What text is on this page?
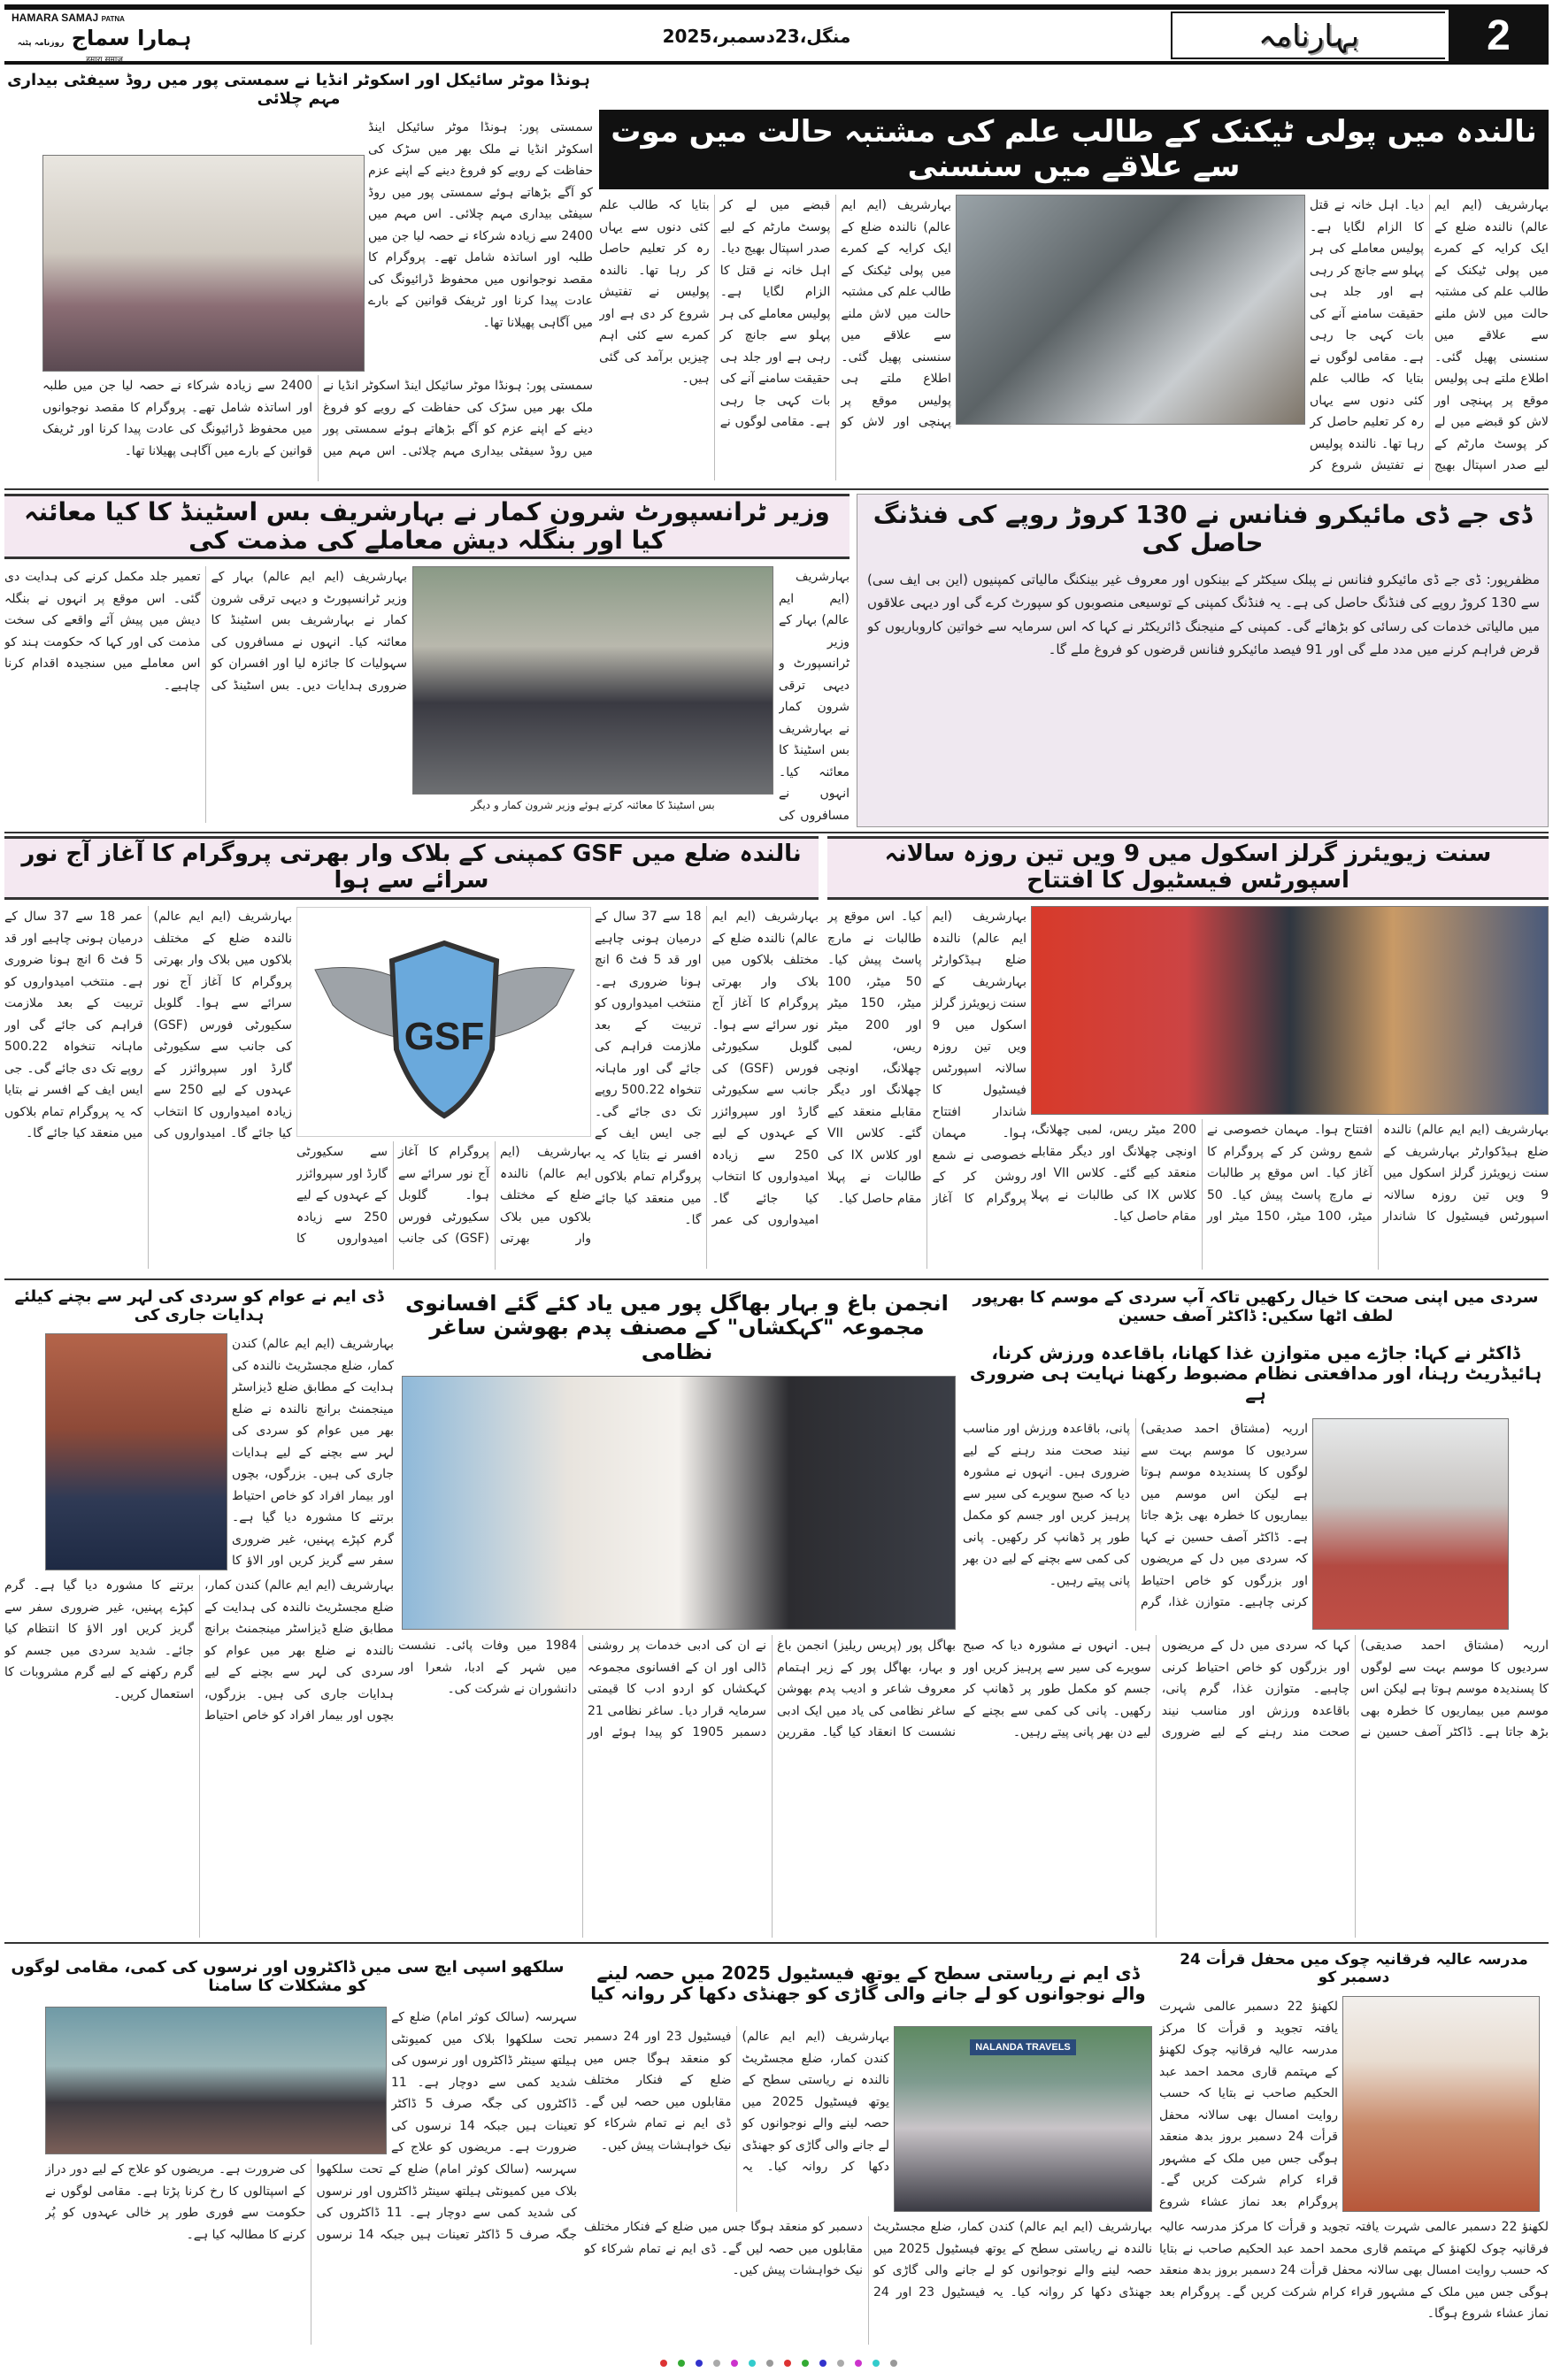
HAMARA SAMAJ PATNA
ہمارا سماج روزنامہ پٹنہ
हमारा समाज
منگل،23دسمبر،2025	بہارنامہ	2
نالندہ میں پولی ٹیکنک کے طالب علم کی مشتبہ حالت میں موت سے علاقے میں سنسنی
بہارشریف (ایم ایم عالم) نالندہ ضلع کے ایک کرایہ کے کمرے میں پولی ٹیکنک کے طالب علم کی مشتبہ حالت میں لاش ملنے سے علاقے میں سنسنی پھیل گئی۔ اطلاع ملتے ہی پولیس موقع پر پہنچی اور لاش کو قبضے میں لے کر پوسٹ مارٹم کے لیے صدر اسپتال بھیج دیا۔ اہل خانہ نے قتل کا الزام لگایا ہے۔ پولیس معاملے کی ہر پہلو سے جانچ کر رہی ہے اور جلد ہی حقیقت سامنے آنے کی بات کہی جا رہی ہے۔ مقامی لوگوں نے بتایا کہ طالب علم کئی دنوں سے یہاں رہ کر تعلیم حاصل کر رہا تھا۔ نالندہ پولیس نے تفتیش شروع کر
بہارشریف (ایم ایم عالم) نالندہ ضلع کے ایک کرایہ کے کمرے میں پولی ٹیکنک کے طالب علم کی مشتبہ حالت میں لاش ملنے سے علاقے میں سنسنی پھیل گئی۔ اطلاع ملتے ہی پولیس موقع پر پہنچی اور لاش کو قبضے میں لے کر پوسٹ مارٹم کے لیے صدر اسپتال بھیج دیا۔ اہل خانہ نے قتل کا الزام لگایا ہے۔ پولیس معاملے کی ہر پہلو سے جانچ کر رہی ہے اور جلد ہی حقیقت سامنے آنے کی بات کہی جا رہی ہے۔ مقامی لوگوں نے بتایا کہ طالب علم کئی دنوں سے یہاں رہ کر تعلیم حاصل کر رہا تھا۔ نالندہ پولیس نے تفتیش شروع کر دی ہے اور کمرے سے کئی اہم چیزیں برآمد کی گئی ہیں۔
ہونڈا موٹر سائیکل اور اسکوٹر انڈیا نے سمستی پور میں روڈ سیفٹی بیداری مہم چلائی
سمستی پور: ہونڈا موٹر سائیکل اینڈ اسکوٹر انڈیا نے ملک بھر میں سڑک کی حفاظت کے رویے کو فروغ دینے کے اپنے عزم کو آگے بڑھاتے ہوئے سمستی پور میں روڈ سیفٹی بیداری مہم چلائی۔ اس مہم میں 2400 سے زیادہ شرکاء نے حصہ لیا جن میں طلبہ اور اساتذہ شامل تھے۔ پروگرام کا مقصد نوجوانوں میں محفوظ ڈرائیونگ کی عادت پیدا کرنا اور ٹریفک قوانین کے بارے میں آگاہی پھیلانا تھا۔
سمستی پور: ہونڈا موٹر سائیکل اینڈ اسکوٹر انڈیا نے ملک بھر میں سڑک کی حفاظت کے رویے کو فروغ دینے کے اپنے عزم کو آگے بڑھاتے ہوئے سمستی پور میں روڈ سیفٹی بیداری مہم چلائی۔ اس مہم میں 2400 سے زیادہ شرکاء نے حصہ لیا جن میں طلبہ اور اساتذہ شامل تھے۔ پروگرام کا مقصد نوجوانوں میں محفوظ ڈرائیونگ کی عادت پیدا کرنا اور ٹریفک قوانین کے بارے میں آگاہی پھیلانا تھا۔
وزیر ٹرانسپورٹ شرون کمار نے بہارشریف بس اسٹینڈ کا کیا معائنہ کیا اور بنگلہ دیش معاملے کی مذمت کی
بس اسٹینڈ کا معائنہ کرتے ہوئے وزیر شرون کمار و دیگر
بہارشریف (ایم ایم عالم) بہار کے وزیر ٹرانسپورٹ و دیہی ترقی شرون کمار نے بہارشریف بس اسٹینڈ کا معائنہ کیا۔ انہوں نے مسافروں کی
بہارشریف (ایم ایم عالم) بہار کے وزیر ٹرانسپورٹ و دیہی ترقی شرون کمار نے بہارشریف بس اسٹینڈ کا معائنہ کیا۔ انہوں نے مسافروں کی سہولیات کا جائزہ لیا اور افسران کو ضروری ہدایات دیں۔ بس اسٹینڈ کی تعمیر جلد مکمل کرنے کی ہدایت دی گئی۔ اس موقع پر انہوں نے بنگلہ دیش میں پیش آئے واقعے کی سخت مذمت کی اور کہا کہ حکومت ہند کو اس معاملے میں سنجیدہ اقدام کرنا چاہیے۔
ڈی جے ڈی مائیکرو فنانس نے 130 کروڑ روپے کی فنڈنگ حاصل کی
مظفرپور: ڈی جے ڈی مائیکرو فنانس نے پبلک سیکٹر کے بینکوں اور معروف غیر بینکنگ مالیاتی کمپنیوں (این بی ایف سی) سے 130 کروڑ روپے کی فنڈنگ حاصل کی ہے۔ یہ فنڈنگ کمپنی کے توسیعی منصوبوں کو سپورٹ کرے گی اور دیہی علاقوں میں مالیاتی خدمات کی رسائی کو بڑھائے گی۔ کمپنی کے منیجنگ ڈائریکٹر نے کہا کہ اس سرمایہ سے خواتین کاروباریوں کو قرض فراہم کرنے میں مدد ملے گی اور 91 فیصد مائیکرو فنانس قرضوں کو فروغ ملے گا۔
نالندہ ضلع میں GSF کمپنی کے بلاک وار بھرتی پروگرام کا آغاز آج نور سرائے سے ہوا
GSF
بہارشریف (ایم ایم عالم) نالندہ ضلع کے مختلف بلاکوں میں بلاک وار بھرتی پروگرام کا آغاز آج نور سرائے سے ہوا۔ گلوبل سکیورٹی فورس (GSF) کی جانب سے سکیورٹی گارڈ اور سپروائزر کے عہدوں کے لیے 250 سے زیادہ امیدواروں کا انتخاب کیا جائے گا۔ امیدواروں کی عمر 18 سے 37 سال کے درمیان ہونی چاہیے اور قد 5 فٹ 6 انچ ہونا ضروری ہے۔ منتخب امیدواروں کو تربیت کے بعد ملازمت فراہم کی جائے گی اور ماہانہ تنخواہ 500.22 روپے تک دی جائے گی۔ جی ایس ایف کے افسر نے بتایا کہ یہ پروگرام تمام بلاکوں میں منعقد کیا جائے گا۔
بہارشریف (ایم ایم عالم) نالندہ ضلع کے مختلف بلاکوں میں بلاک وار بھرتی پروگرام کا آغاز آج نور سرائے سے ہوا۔ گلوبل سکیورٹی فورس (GSF) کی جانب سے سکیورٹی گارڈ اور سپروائزر کے عہدوں کے لیے 250 سے زیادہ امیدواروں کا انتخاب کیا جائے گا۔ امیدواروں کی عمر 18 سے 37 سال کے درمیان ہونی چاہیے اور قد 5 فٹ 6 انچ ہونا ضروری ہے۔ منتخب امیدواروں کو تربیت کے بعد ملازمت فراہم کی جائے گی اور ماہانہ تنخواہ 500.22 روپے تک دی جائے گی۔ جی ایس ایف کے افسر نے بتایا کہ یہ پروگرام تمام بلاکوں میں منعقد کیا جائے گا۔
بہارشریف (ایم ایم عالم) نالندہ ضلع کے مختلف بلاکوں میں بلاک وار بھرتی پروگرام کا آغاز آج نور سرائے سے ہوا۔ گلوبل سکیورٹی فورس (GSF) کی جانب سے سکیورٹی گارڈ اور سپروائزر کے عہدوں کے لیے 250 سے زیادہ امیدواروں کا
سنت زیویئرز گرلز اسکول میں 9 ویں تین روزہ سالانہ اسپورٹس فیسٹیول کا افتتاح
بہارشریف (ایم ایم عالم) نالندہ ضلع ہیڈکوارٹر بہارشریف کے سنت زیویئرز گرلز اسکول میں 9 ویں تین روزہ سالانہ اسپورٹس فیسٹیول کا شاندار افتتاح ہوا۔ مہمان خصوصی نے شمع روشن کر کے پروگرام کا آغاز کیا۔ اس موقع پر طالبات نے مارچ پاسٹ پیش کیا۔ 50 میٹر، 100 میٹر، 150 میٹر اور 200 میٹر ریس، لمبی چھلانگ، اونچی چھلانگ اور دیگر مقابلے منعقد کیے گئے۔ کلاس VII اور کلاس IX کی طالبات نے پہلا مقام حاصل کیا۔
بہارشریف (ایم ایم عالم) نالندہ ضلع ہیڈکوارٹر بہارشریف کے سنت زیویئرز گرلز اسکول میں 9 ویں تین روزہ سالانہ اسپورٹس فیسٹیول کا شاندار افتتاح ہوا۔ مہمان خصوصی نے شمع روشن کر کے پروگرام کا آغاز کیا۔ اس موقع پر طالبات نے مارچ پاسٹ پیش کیا۔ 50 میٹر، 100 میٹر، 150 میٹر اور 200 میٹر ریس، لمبی چھلانگ، اونچی چھلانگ اور دیگر مقابلے منعقد کیے گئے۔ کلاس VII اور کلاس IX کی طالبات نے پہلا مقام حاصل کیا۔
ڈی ایم نے عوام کو سردی کی لہر سے بچنے کیلئے ہدایات جاری کی
بہارشریف (ایم ایم عالم) کندن کمار، ضلع مجسٹریٹ نالندہ کی ہدایت کے مطابق ضلع ڈیزاسٹر مینجمنٹ برانچ نالندہ نے ضلع بھر میں عوام کو سردی کی لہر سے بچنے کے لیے ہدایات جاری کی ہیں۔ بزرگوں، بچوں اور بیمار افراد کو خاص احتیاط برتنے کا مشورہ دیا گیا ہے۔ گرم کپڑے پہنیں، غیر ضروری سفر سے گریز کریں اور الاؤ کا
بہارشریف (ایم ایم عالم) کندن کمار، ضلع مجسٹریٹ نالندہ کی ہدایت کے مطابق ضلع ڈیزاسٹر مینجمنٹ برانچ نالندہ نے ضلع بھر میں عوام کو سردی کی لہر سے بچنے کے لیے ہدایات جاری کی ہیں۔ بزرگوں، بچوں اور بیمار افراد کو خاص احتیاط برتنے کا مشورہ دیا گیا ہے۔ گرم کپڑے پہنیں، غیر ضروری سفر سے گریز کریں اور الاؤ کا انتظام کیا جائے۔ شدید سردی میں جسم کو گرم رکھنے کے لیے گرم مشروبات کا استعمال کریں۔
انجمن باغ و بہار بھاگل پور میں یاد کئے گئے افسانوی مجموعہ "کہکشاں" کے مصنف پدم بھوشن ساغر نظامی
بھاگل پور (پریس ریلیز) انجمن باغ و بہار، بھاگل پور کے زیر اہتمام معروف شاعر و ادیب پدم بھوشن ساغر نظامی کی یاد میں ایک ادبی نشست کا انعقاد کیا گیا۔ مقررین نے ان کی ادبی خدمات پر روشنی ڈالی اور ان کے افسانوی مجموعہ کہکشاں کو اردو ادب کا قیمتی سرمایہ قرار دیا۔ ساغر نظامی 21 دسمبر 1905 کو پیدا ہوئے اور 1984 میں وفات پائی۔ نشست میں شہر کے ادبا، شعرا اور دانشوران نے شرکت کی۔
سردی میں اپنی صحت کا خیال رکھیں تاکہ آپ سردی کے موسم کا بھرپور لطف اٹھا سکیں: ڈاکٹر آصف حسین
ڈاکٹر نے کہا: جاڑے میں متوازن غذا کھانا، باقاعدہ ورزش کرنا، ہائیڈریٹ رہنا، اور مدافعتی نظام مضبوط رکھنا نہایت ہی ضروری ہے
ارریہ (مشتاق احمد صدیقی) سردیوں کا موسم بہت سے لوگوں کا پسندیدہ موسم ہوتا ہے لیکن اس موسم میں بیماریوں کا خطرہ بھی بڑھ جاتا ہے۔ ڈاکٹر آصف حسین نے کہا کہ سردی میں دل کے مریضوں اور بزرگوں کو خاص احتیاط کرنی چاہیے۔ متوازن غذا، گرم پانی، باقاعدہ ورزش اور مناسب نیند صحت مند رہنے کے لیے ضروری ہیں۔ انہوں نے مشورہ دیا کہ صبح سویرے کی سیر سے پرہیز کریں اور جسم کو مکمل طور پر ڈھانپ کر رکھیں۔ پانی کی کمی سے بچنے کے لیے دن بھر پانی پیتے رہیں۔
ارریہ (مشتاق احمد صدیقی) سردیوں کا موسم بہت سے لوگوں کا پسندیدہ موسم ہوتا ہے لیکن اس موسم میں بیماریوں کا خطرہ بھی بڑھ جاتا ہے۔ ڈاکٹر آصف حسین نے کہا کہ سردی میں دل کے مریضوں اور بزرگوں کو خاص احتیاط کرنی چاہیے۔ متوازن غذا، گرم پانی، باقاعدہ ورزش اور مناسب نیند صحت مند رہنے کے لیے ضروری ہیں۔ انہوں نے مشورہ دیا کہ صبح سویرے کی سیر سے پرہیز کریں اور جسم کو مکمل طور پر ڈھانپ کر رکھیں۔ پانی کی کمی سے بچنے کے لیے دن بھر پانی پیتے رہیں۔
سلکھو اسپی ایچ سی میں ڈاکٹروں اور نرسوں کی کمی، مقامی لوگوں کو مشکلات کا سامنا
سہرسہ (سالک کوثر امام) ضلع کے تحت سلکھوا بلاک میں کمیونٹی ہیلتھ سینٹر ڈاکٹروں اور نرسوں کی شدید کمی سے دوچار ہے۔ 11 ڈاکٹروں کی جگہ صرف 5 ڈاکٹر تعینات ہیں جبکہ 14 نرسوں کی ضرورت ہے۔ مریضوں کو علاج کے
سہرسہ (سالک کوثر امام) ضلع کے تحت سلکھوا بلاک میں کمیونٹی ہیلتھ سینٹر ڈاکٹروں اور نرسوں کی شدید کمی سے دوچار ہے۔ 11 ڈاکٹروں کی جگہ صرف 5 ڈاکٹر تعینات ہیں جبکہ 14 نرسوں کی ضرورت ہے۔ مریضوں کو علاج کے لیے دور دراز کے اسپتالوں کا رخ کرنا پڑتا ہے۔ مقامی لوگوں نے حکومت سے فوری طور پر خالی عہدوں کو پُر کرنے کا مطالبہ کیا ہے۔
ڈی ایم نے ریاستی سطح کے یوتھ فیسٹیول 2025 میں حصہ لینے والے نوجوانوں کو لے جانے والی گاڑی کو جھنڈی دکھا کر روانہ کیا
NALANDA TRAVELS
بہارشریف (ایم ایم عالم) کندن کمار، ضلع مجسٹریٹ نالندہ نے ریاستی سطح کے یوتھ فیسٹیول 2025 میں حصہ لینے والے نوجوانوں کو لے جانے والی گاڑی کو جھنڈی دکھا کر روانہ کیا۔ یہ فیسٹیول 23 اور 24 دسمبر کو منعقد ہوگا جس میں ضلع کے فنکار مختلف مقابلوں میں حصہ لیں گے۔ ڈی ایم نے تمام شرکاء کو نیک خواہشات پیش کیں۔
بہارشریف (ایم ایم عالم) کندن کمار، ضلع مجسٹریٹ نالندہ نے ریاستی سطح کے یوتھ فیسٹیول 2025 میں حصہ لینے والے نوجوانوں کو لے جانے والی گاڑی کو جھنڈی دکھا کر روانہ کیا۔ یہ فیسٹیول 23 اور 24 دسمبر کو منعقد ہوگا جس میں ضلع کے فنکار مختلف مقابلوں میں حصہ لیں گے۔ ڈی ایم نے تمام شرکاء کو نیک خواہشات پیش کیں۔
مدرسہ عالیہ فرقانیہ چوک میں محفل قرأت 24 دسمبر کو
لکھنؤ 22 دسمبر عالمی شہرت یافتہ تجوید و قرأت کا مرکز مدرسہ عالیہ فرقانیہ چوک لکھنؤ کے مہتمم قاری محمد احمد عبد الحکیم صاحب نے بتایا کہ حسب روایت امسال بھی سالانہ محفل قرأت 24 دسمبر بروز بدھ منعقد ہوگی جس میں ملک کے مشہور قراء کرام شرکت کریں گے۔ پروگرام بعد نماز عشاء شروع
لکھنؤ 22 دسمبر عالمی شہرت یافتہ تجوید و قرأت کا مرکز مدرسہ عالیہ فرقانیہ چوک لکھنؤ کے مہتمم قاری محمد احمد عبد الحکیم صاحب نے بتایا کہ حسب روایت امسال بھی سالانہ محفل قرأت 24 دسمبر بروز بدھ منعقد ہوگی جس میں ملک کے مشہور قراء کرام شرکت کریں گے۔ پروگرام بعد نماز عشاء شروع ہوگا۔
